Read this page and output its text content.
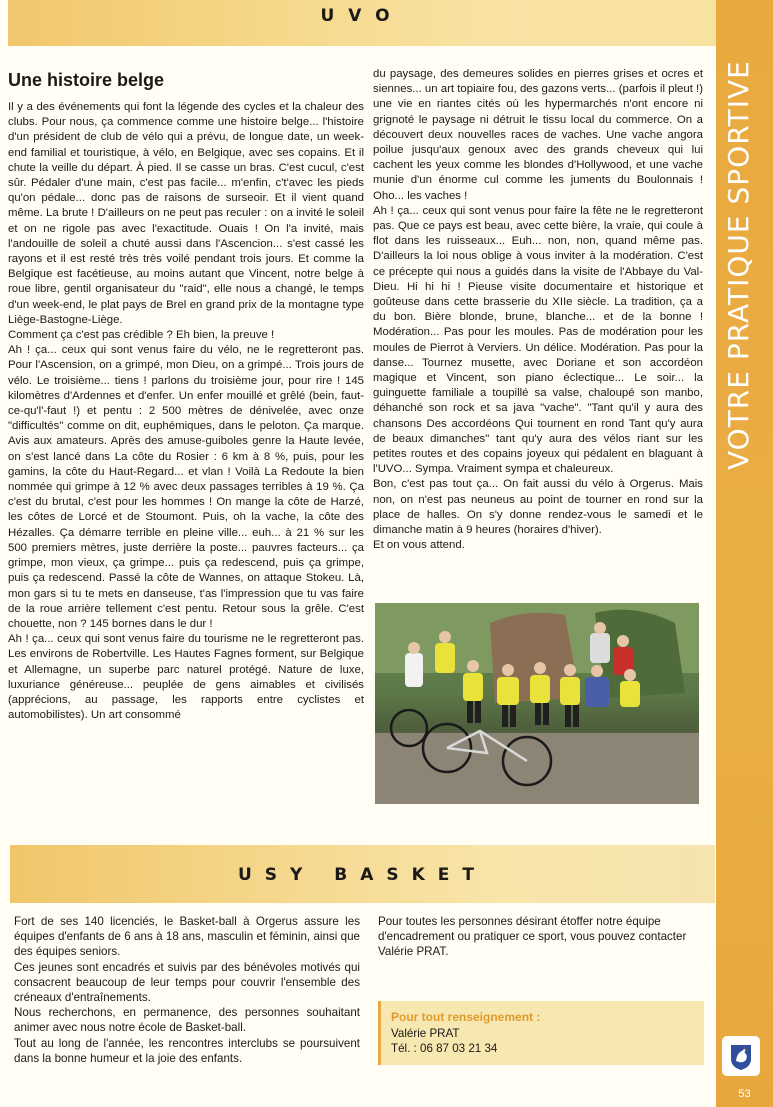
UVO
VOTRE PRATIQUE SPORTIVE
53
Une histoire belge

Il y a des événements qui font la légende des cycles et la chaleur des clubs. Pour nous, ça commence comme une histoire belge... l'histoire d'un président de club de vélo qui a prévu, de longue date, un week-end familial et touristique, à vélo, en Belgique, avec ses copains. Et il chute la veille du départ. À pied. Il se casse un bras. C'est cucul, c'est sûr. Pédaler d'une main, c'est pas facile... m'enfin, c't'avec les pieds qu'on pédale... donc pas de raisons de surseoir. Et il vient quand même. La brute ! D'ailleurs on ne peut pas reculer : on a invité le soleil et on ne rigole pas avec l'exactitude. Ouais ! On l'a invité, mais l'andouille de soleil a chuté aussi dans l'Ascencion... s'est cassé les rayons et il est resté très très voilé pendant trois jours. Et comme la Belgique est facétieuse, au moins autant que Vincent, notre belge à roue libre, gentil organisateur du "raid", elle nous a changé, le temps d'un week-end, le plat pays de Brel en grand prix de la montagne type Liège-Bastogne-Liège.

Comment ça c'est pas crédible ? Eh bien, la preuve !

Ah ! ça... ceux qui sont venus faire du vélo, ne le regretteront pas. Pour l'Ascension, on a grimpé, mon Dieu, on a grimpé... Trois jours de vélo. Le troisième... tiens ! parlons du troisième jour, pour rire ! 145 kilomètres d'Ardennes et d'enfer. Un enfer mouillé et grêlé (bein, faut-ce-qu'l'-faut !) et pentu : 2 500 mètres de dénivelée, avec onze "difficultés" comme on dit, euphémiques, dans le peloton. Ça marque. Avis aux amateurs. Après des amuse-guiboles genre la Haute levée, on s'est lancé dans La côte du Rosier : 6 km à 8 %, puis, pour les gamins, la côte du Haut-Regard... et vlan ! Voilà La Redoute la bien nommée qui grimpe à 12 % avec deux passages terribles à 19 %. Ça c'est du brutal, c'est pour les hommes ! On mange la côte de Harzé, les côtes de Lorcé et de Stoumont. Puis, oh la vache, la côte des Hézalles. Ça démarre terrible en pleine ville... euh... à 21 % sur les 500 premiers mètres, juste derrière la poste... pauvres facteurs... ça grimpe, mon vieux, ça grimpe... puis ça redescend, puis ça grimpe, puis ça redescend. Passé la côte de Wannes, on attaque Stokeu. Là, mon gars si tu te mets en danseuse, t'as l'impression que tu vas faire de la roue arrière tellement c'est pentu. Retour sous la grêle. C'est chouette, non ? 145 bornes dans le dur !

Ah ! ça... ceux qui sont venus faire du tourisme ne le regretteront pas. Les environs de Robertville. Les Hautes Fagnes forment, sur Belgique et Allemagne, un superbe parc naturel protégé. Nature de luxe, luxuriance généreuse... peuplée de gens aimables et civilisés (apprécions, au passage, les rapports entre cyclistes et automobilistes). Un art consommé

du paysage, des demeures solides en pierres grises et ocres et siennes... un art topiaire fou, des gazons verts... (parfois il pleut !) une vie en riantes cités où les hypermarchés n'ont encore ni grignoté le paysage ni détruit le tissu local du commerce. On a découvert deux nouvelles races de vaches. Une vache angora poilue jusqu'aux genoux avec des grands cheveux qui lui cachent les yeux comme les blondes d'Hollywood, et une vache munie d'un énorme cul comme les juments du Boulonnais ! Oho... les vaches !

Ah ! ça... ceux qui sont venus pour faire la fête ne le regretteront pas. Que ce pays est beau, avec cette bière, la vraie, qui coule à flot dans les ruisseaux... Euh... non, non, quand même pas. D'ailleurs la loi nous oblige à vous inviter à la modération. C'est ce précepte qui nous a guidés dans la visite de l'Abbaye du Val-Dieu. Hi hi hi ! Pieuse visite documentaire et historique et goûteuse dans cette brasserie du XIIe siècle. La tradition, ça a du bon. Bière blonde, brune, blanche... et de la bonne ! Modération... Pas pour les moules. Pas de modération pour les moules de Pierrot à Verviers. Un délice. Modération. Pas pour la danse... Tournez musette, avec Doriane et son accordéon magique et Vincent, son piano éclectique... Le soir... la guinguette familiale a toupillé sa valse, chaloupé son manbo, déhanché son rock et sa java "vache". "Tant qu'il y aura des chansons Des accordéons Qui tournent en rond Tant qu'y aura de beaux dimanches" tant qu'y aura des vélos riant sur les petites routes et des copains joyeux qui pédalent en blaguant à l'UVO... Sympa. Vraiment sympa et chaleureux.

Bon, c'est pas tout ça... On fait aussi du vélo à Orgerus. Mais non, on n'est pas neuneus au point de tourner en rond sur la place de halles. On s'y donne rendez-vous le samedi et le dimanche matin à 9 heures (horaires d'hiver).

Et on vous attend.

USY BASKET

Fort de ses 140 licenciés, le Basket-ball à Orgerus assure les équipes d'enfants de 6 ans à 18 ans, masculin et féminin, ainsi que des équipes seniors.

Ces jeunes sont encadrés et suivis par des bénévoles motivés qui consacrent beaucoup de leur temps pour couvrir l'ensemble des créneaux d'entraînements.

Nous recherchons, en permanence, des personnes souhaitant animer avec nous notre école de Basket-ball.

Tout au long de l'année, les rencontres interclubs se poursuivent dans la bonne humeur et la joie des enfants.

Pour toutes les personnes désirant étoffer notre équipe d'encadrement ou pratiquer ce sport, vous pouvez contacter Valérie PRAT.

Pour tout renseignement :
Valérie PRAT
Tél. : 06 87 03 21 34
